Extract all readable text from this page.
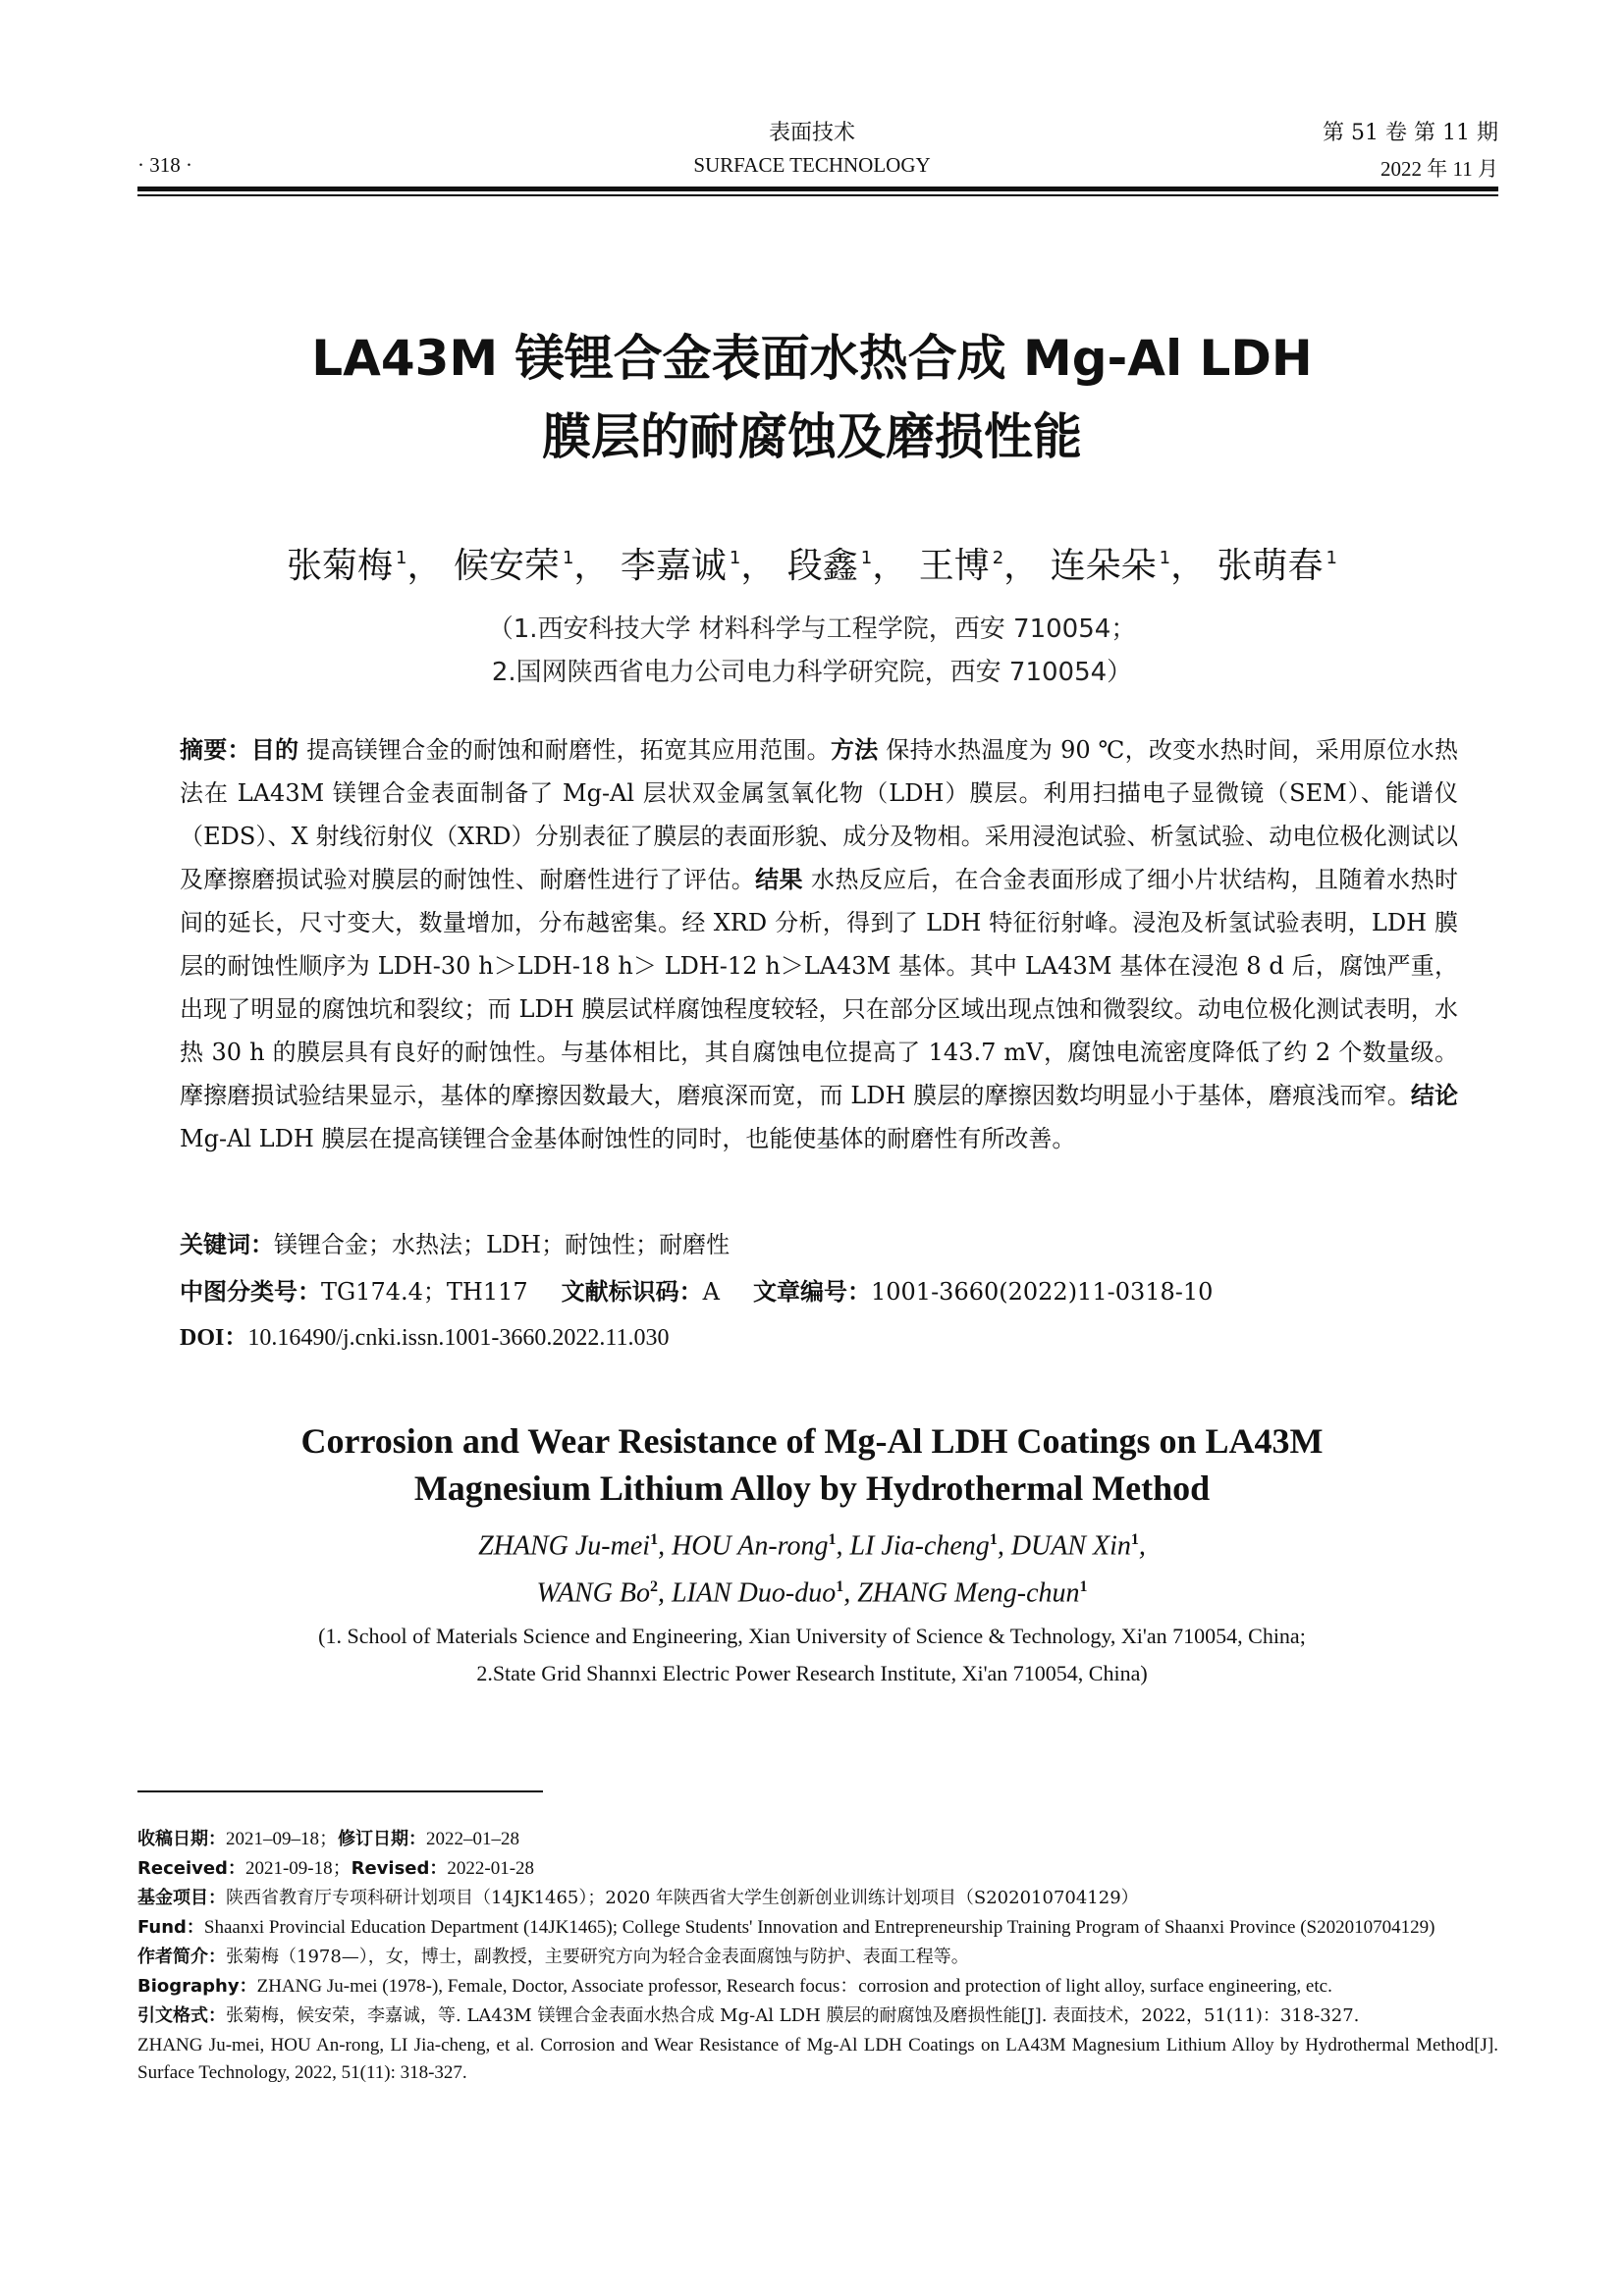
表面技术
SURFACE TECHNOLOGY
· 318 ·
第 51 卷 第 11 期
2022 年 11 月
LA43M 镁锂合金表面水热合成 Mg-Al LDH
膜层的耐腐蚀及磨损性能
张菊梅 $^1$， 候安荣 $^1$， 李嘉诚 $^1$， 段鑫 $^1$， 王博 $^2$， 连朵朵 $^1$， 张萌春 $^1$
（1.西安科技大学 材料科学与工程学院，西安 710054；
2.国网陕西省电力公司电力科学研究院，西安 710054）
摘要：目的 提高镁锂合金的耐蚀和耐磨性，拓宽其应用范围。方法 保持水热温度为 90 ℃，改变水热时间，采用原位水热法在 LA43M 镁锂合金表面制备了 Mg-Al 层状双金属氢氧化物（LDH）膜层。利用扫描电子显微镜（SEM）、能谱仪（EDS）、X 射线衍射仪（XRD）分别表征了膜层的表面形貌、成分及物相。采用浸泡试验、析氢试验、动电位极化测试以及摩擦磨损试验对膜层的耐蚀性、耐磨性进行了评估。结果 水热反应后，在合金表面形成了细小片状结构，且随着水热时间的延长，尺寸变大，数量增加，分布越密集。经 XRD 分析，得到了 LDH 特征衍射峰。浸泡及析氢试验表明，LDH 膜层的耐蚀性顺序为 LDH-30 h＞LDH-18 h＞ LDH-12 h＞LA43M 基体。其中 LA43M 基体在浸泡 8 d 后，腐蚀严重，出现了明显的腐蚀坑和裂纹；而 LDH 膜层试样腐蚀程度较轻，只在部分区域出现点蚀和微裂纹。动电位极化测试表明，水热 30 h 的膜层具有良好的耐蚀性。与基体相比，其自腐蚀电位提高了 143.7 mV，腐蚀电流密度降低了约 2 个数量级。摩擦磨损试验结果显示，基体的摩擦因数最大，磨痕深而宽，而 LDH 膜层的摩擦因数均明显小于基体，磨痕浅而窄。结论 Mg-Al LDH 膜层在提高镁锂合金基体耐蚀性的同时，也能使基体的耐磨性有所改善。
关键词：镁锂合金；水热法；LDH；耐蚀性；耐磨性
中图分类号：TG174.4；TH117 文献标识码：A 文章编号：1001-3660(2022)11-0318-10
DOI：10.16490/j.cnki.issn.1001-3660.2022.11.030
Corrosion and Wear Resistance of Mg-Al LDH Coatings on LA43M
Magnesium Lithium Alloy by Hydrothermal Method
ZHANG Ju-mei$^1$, HOU An-rong$^1$, LI Jia-cheng$^1$, DUAN Xin$^1$,
WANG Bo$^2$, LIAN Duo-duo$^1$, ZHANG Meng-chun$^1$
(1. School of Materials Science and Engineering, Xian University of Science & Technology, Xi'an 710054, China;
2.State Grid Shannxi Electric Power Research Institute, Xi'an 710054, China)

收稿日期：2021–09–18；修订日期：2022–01–28

Received：2021-09-18；Revised：2022-01-28

基金项目：陕西省教育厅专项科研计划项目（14JK1465）；2020 年陕西省大学生创新创业训练计划项目（S202010704129）

Fund：Shaanxi Provincial Education Department (14JK1465); College Students' Innovation and Entrepreneurship Training Program of Shaanxi Province (S202010704129)

作者简介：张菊梅（1978—），女，博士，副教授，主要研究方向为轻合金表面腐蚀与防护、表面工程等。

Biography：ZHANG Ju-mei (1978-), Female, Doctor, Associate professor, Research focus：corrosion and protection of light alloy, surface engineering, etc.

引文格式：张菊梅，候安荣，李嘉诚，等. LA43M 镁锂合金表面水热合成 Mg-Al LDH 膜层的耐腐蚀及磨损性能[J]. 表面技术，2022，51(11)：318-327.

ZHANG Ju-mei, HOU An-rong, LI Jia-cheng, et al. Corrosion and Wear Resistance of Mg-Al LDH Coatings on LA43M Magnesium Lithium Alloy by Hydrothermal Method[J]. Surface Technology, 2022, 51(11): 318-327.
